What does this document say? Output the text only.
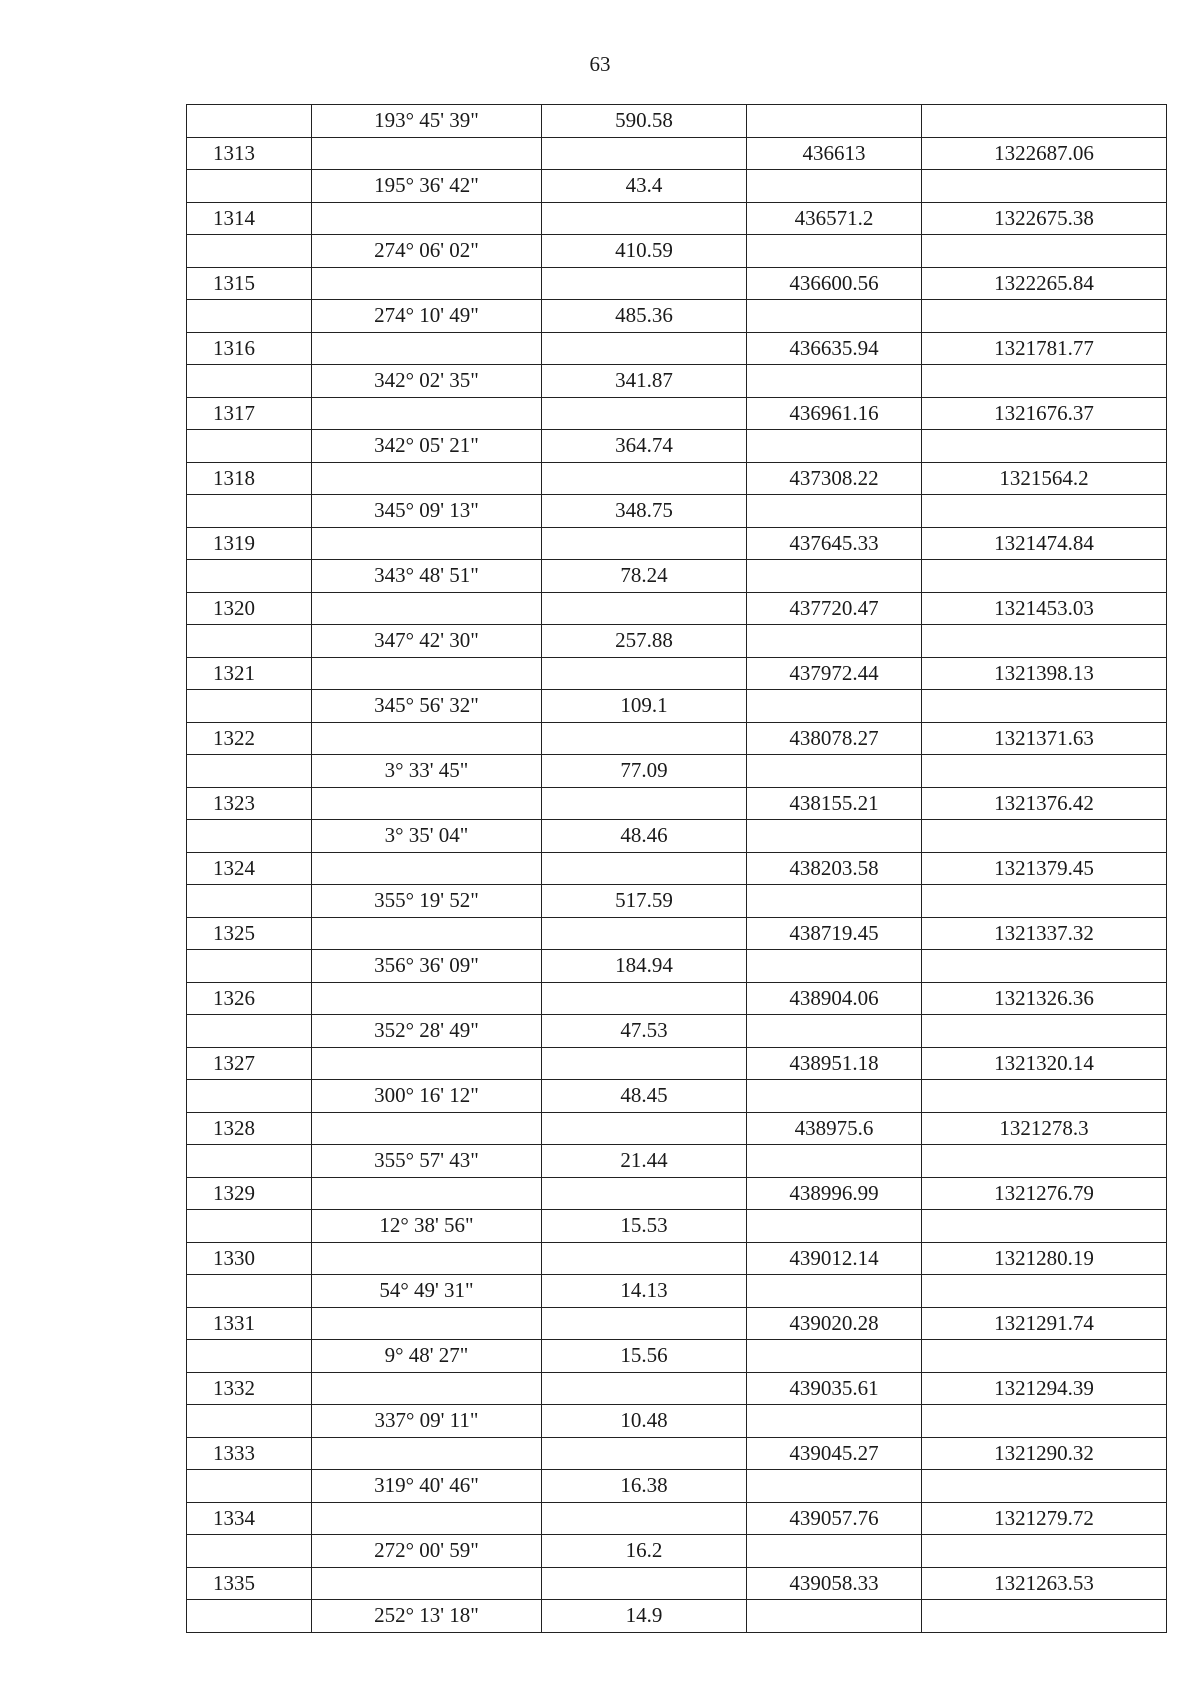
63
	193° 45' 39"	590.58		
1313			436613	1322687.06
	195° 36' 42"	43.4		
1314			436571.2	1322675.38
	274° 06' 02"	410.59		
1315			436600.56	1322265.84
	274° 10' 49"	485.36		
1316			436635.94	1321781.77
	342° 02' 35"	341.87		
1317			436961.16	1321676.37
	342° 05' 21"	364.74		
1318			437308.22	1321564.2
	345° 09' 13"	348.75		
1319			437645.33	1321474.84
	343° 48' 51"	78.24		
1320			437720.47	1321453.03
	347° 42' 30"	257.88		
1321			437972.44	1321398.13
	345° 56' 32"	109.1		
1322			438078.27	1321371.63
	3° 33' 45"	77.09		
1323			438155.21	1321376.42
	3° 35' 04"	48.46		
1324			438203.58	1321379.45
	355° 19' 52"	517.59		
1325			438719.45	1321337.32
	356° 36' 09"	184.94		
1326			438904.06	1321326.36
	352° 28' 49"	47.53		
1327			438951.18	1321320.14
	300° 16' 12"	48.45		
1328			438975.6	1321278.3
	355° 57' 43"	21.44		
1329			438996.99	1321276.79
	12° 38' 56"	15.53		
1330			439012.14	1321280.19
	54° 49' 31"	14.13		
1331			439020.28	1321291.74
	9° 48' 27"	15.56		
1332			439035.61	1321294.39
	337° 09' 11"	10.48		
1333			439045.27	1321290.32
	319° 40' 46"	16.38		
1334			439057.76	1321279.72
	272° 00' 59"	16.2		
1335			439058.33	1321263.53
	252° 13' 18"	14.9		
